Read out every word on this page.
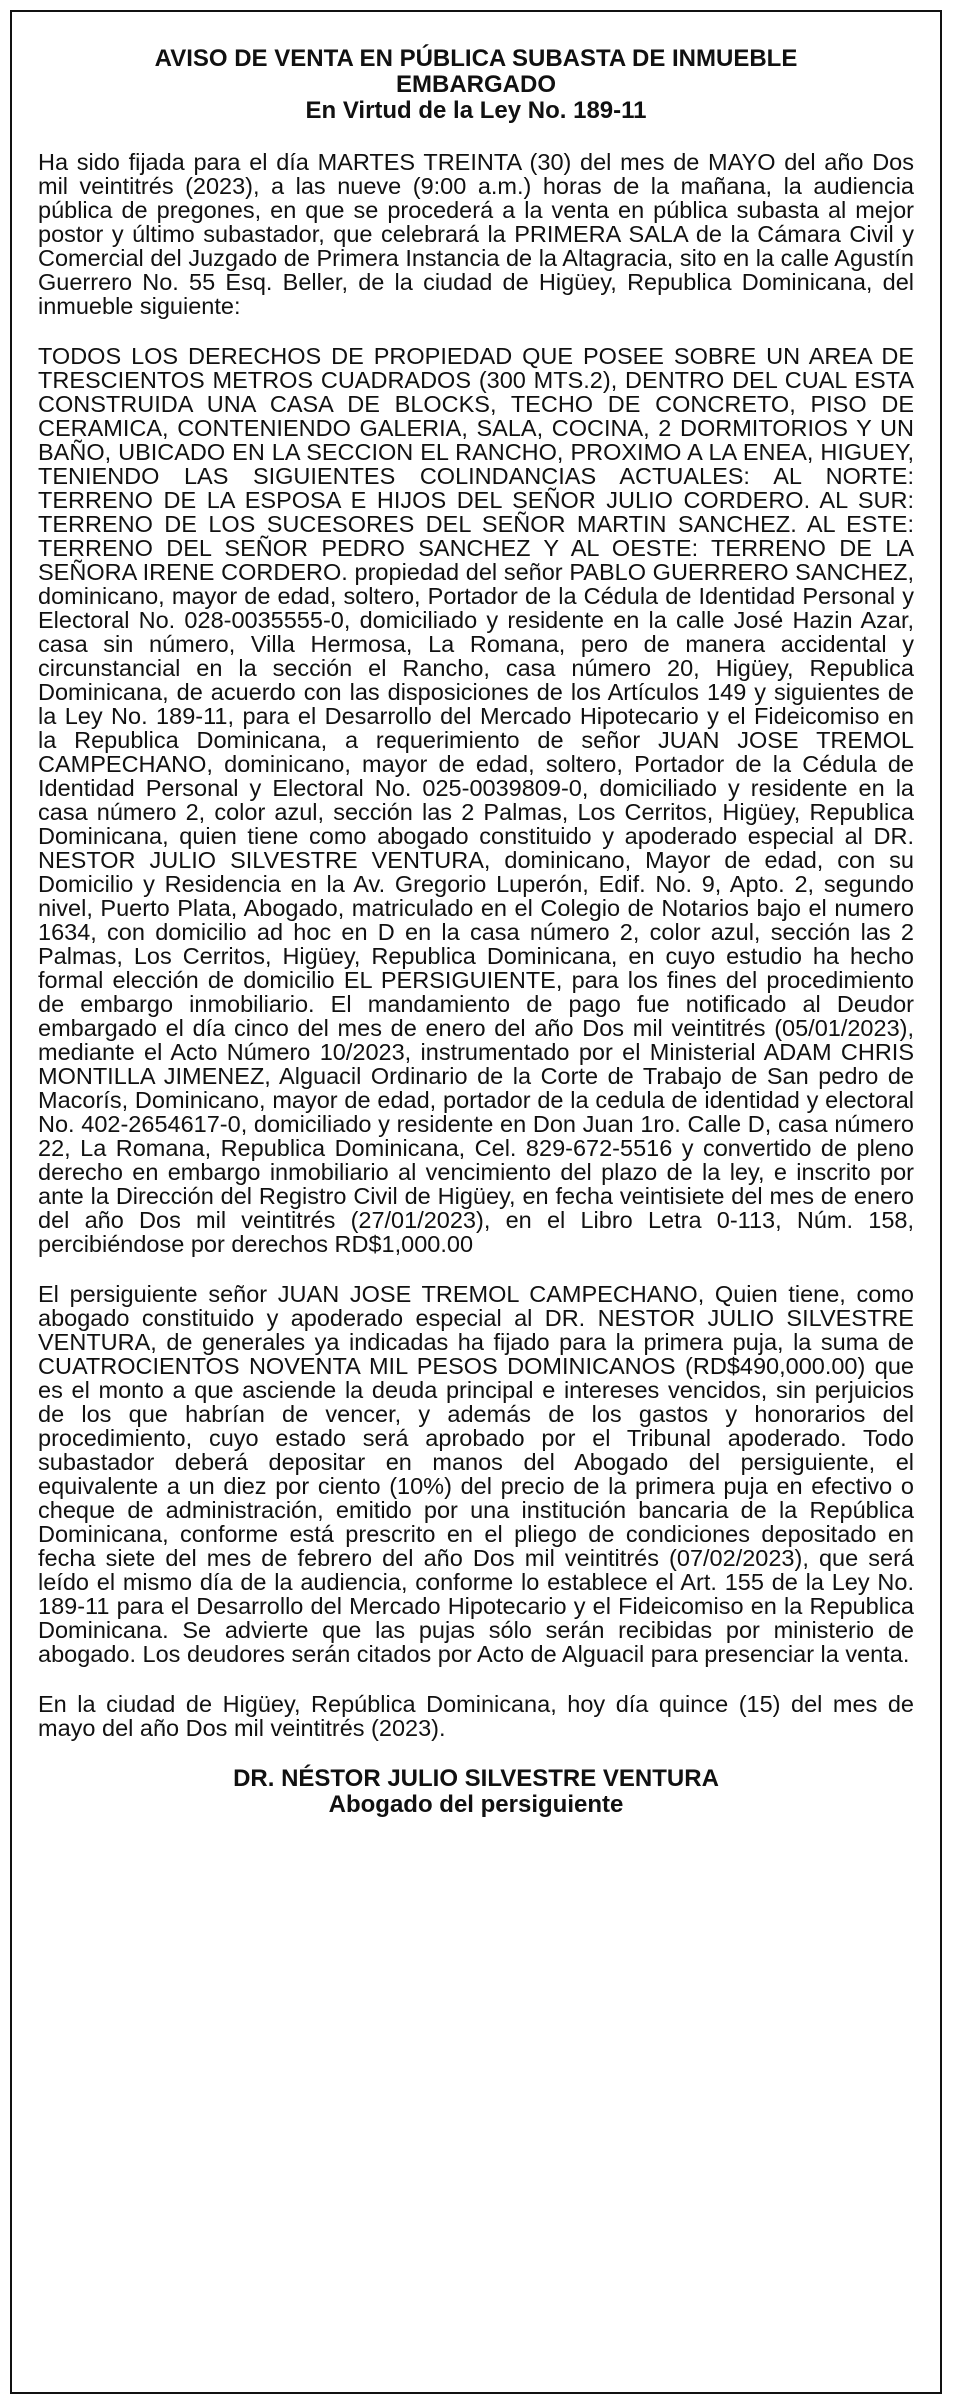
AVISO DE VENTA EN PÚBLICA SUBASTA DE INMUEBLE
EMBARGADO
En Virtud de la Ley No. 189-11

Ha sido fijada para el día MARTES TREINTA (30) del mes de MAYO del año Dos mil veintitrés (2023), a las nueve (9:00 a.m.) horas de la mañana, la audiencia pública de pregones, en que se procederá a la venta en pública subasta al mejor postor y último subastador, que celebrará la PRIMERA SALA de la Cámara Civil y Comercial del Juzgado de Primera Instancia de la Altagracia, sito en la calle Agustín Guerrero No. 55 Esq. Beller, de la ciudad de Higüey, Republica Dominicana, del inmueble siguiente:

TODOS LOS DERECHOS DE PROPIEDAD QUE POSEE SOBRE UN AREA DE TRESCIENTOS METROS CUADRADOS (300 MTS.2), DENTRO DEL CUAL ESTA CONSTRUIDA UNA CASA DE BLOCKS, TECHO DE CONCRETO, PISO DE CERAMICA, CONTENIENDO GALERIA, SALA, COCINA, 2 DORMITORIOS Y UN BAÑO, UBICADO EN LA SECCION EL RANCHO, PROXIMO A LA ENEA, HIGUEY, TENIENDO LAS SIGUIENTES COLINDANCIAS ACTUALES: AL NORTE: TERRENO DE LA ESPOSA E HIJOS DEL SEÑOR JULIO CORDERO. AL SUR: TERRENO DE LOS SUCESORES DEL SEÑOR MARTIN SANCHEZ. AL ESTE: TERRENO DEL SEÑOR PEDRO SANCHEZ Y AL OESTE: TERRENO DE LA SEÑORA IRENE CORDERO. propiedad del señor PABLO GUERRERO SANCHEZ, dominicano, mayor de edad, soltero, Portador de la Cédula de Identidad Personal y Electoral No. 028-0035555-0, domiciliado y residente en la calle José Hazin Azar, casa sin número, Villa Hermosa, La Romana, pero de manera accidental y circunstancial en la sección el Rancho, casa número 20, Higüey, Republica Dominicana, de acuerdo con las disposiciones de los Artículos 149 y siguientes de la Ley No. 189-11, para el Desarrollo del Mercado Hipotecario y el Fideicomiso en la Republica Dominicana, a requerimiento de señor JUAN JOSE TREMOL CAMPECHANO, dominicano, mayor de edad, soltero, Portador de la Cédula de Identidad Personal y Electoral No. 025-0039809-0, domiciliado y residente en la casa número 2, color azul, sección las 2 Palmas, Los Cerritos, Higüey, Republica Dominicana, quien tiene como abogado constituido y apoderado especial al DR. NESTOR JULIO SILVESTRE VENTURA, dominicano, Mayor de edad, con su Domicilio y Residencia en la Av. Gregorio Luperón, Edif. No. 9, Apto. 2, segundo nivel, Puerto Plata, Abogado, matriculado en el Colegio de Notarios bajo el numero 1634, con domicilio ad hoc en D en la casa número 2, color azul, sección las 2 Palmas, Los Cerritos, Higüey, Republica Dominicana, en cuyo estudio ha hecho formal elección de domicilio EL PERSIGUIENTE, para los fines del procedimiento de embargo inmobiliario. El mandamiento de pago fue notificado al Deudor embargado el día cinco del mes de enero del año Dos mil veintitrés (05/01/2023), mediante el Acto Número 10/2023, instrumentado por el Ministerial ADAM CHRIS MONTILLA JIMENEZ, Alguacil Ordinario de la Corte de Trabajo de San pedro de Macorís, Dominicano, mayor de edad, portador de la cedula de identidad y electoral No. 402-2654617-0, domiciliado y residente en Don Juan 1ro. Calle D, casa número 22, La Romana, Republica Dominicana, Cel. 829-672-5516 y convertido de pleno derecho en embargo inmobiliario al vencimiento del plazo de la ley, e inscrito por ante la Dirección del Registro Civil de Higüey, en fecha veintisiete del mes de enero del año Dos mil veintitrés (27/01/2023), en el Libro Letra 0-113, Núm. 158, percibiéndose por derechos RD$1,000.00

El persiguiente señor JUAN JOSE TREMOL CAMPECHANO, Quien tiene, como abogado constituido y apoderado especial al DR. NESTOR JULIO SILVESTRE VENTURA, de generales ya indicadas ha fijado para la primera puja, la suma de CUATROCIENTOS NOVENTA MIL PESOS DOMINICANOS (RD$490,000.00) que es el monto a que asciende la deuda principal e intereses vencidos, sin perjuicios de los que habrían de vencer, y además de los gastos y honorarios del procedimiento, cuyo estado será aprobado por el Tribunal apoderado. Todo subastador deberá depositar en manos del Abogado del persiguiente, el equivalente a un diez por ciento (10%) del precio de la primera puja en efectivo o cheque de administración, emitido por una institución bancaria de la República Dominicana, conforme está prescrito en el pliego de condiciones depositado en fecha siete del mes de febrero del año Dos mil veintitrés (07/02/2023), que será leído el mismo día de la audiencia, conforme lo establece el Art. 155 de la Ley No. 189-11 para el Desarrollo del Mercado Hipotecario y el Fideicomiso en la Republica Dominicana. Se advierte que las pujas sólo serán recibidas por ministerio de abogado. Los deudores serán citados por Acto de Alguacil para presenciar la venta.

En la ciudad de Higüey, República Dominicana, hoy día quince (15) del mes de mayo del año Dos mil veintitrés (2023).

DR. NÉSTOR JULIO SILVESTRE VENTURA
Abogado del persiguiente
